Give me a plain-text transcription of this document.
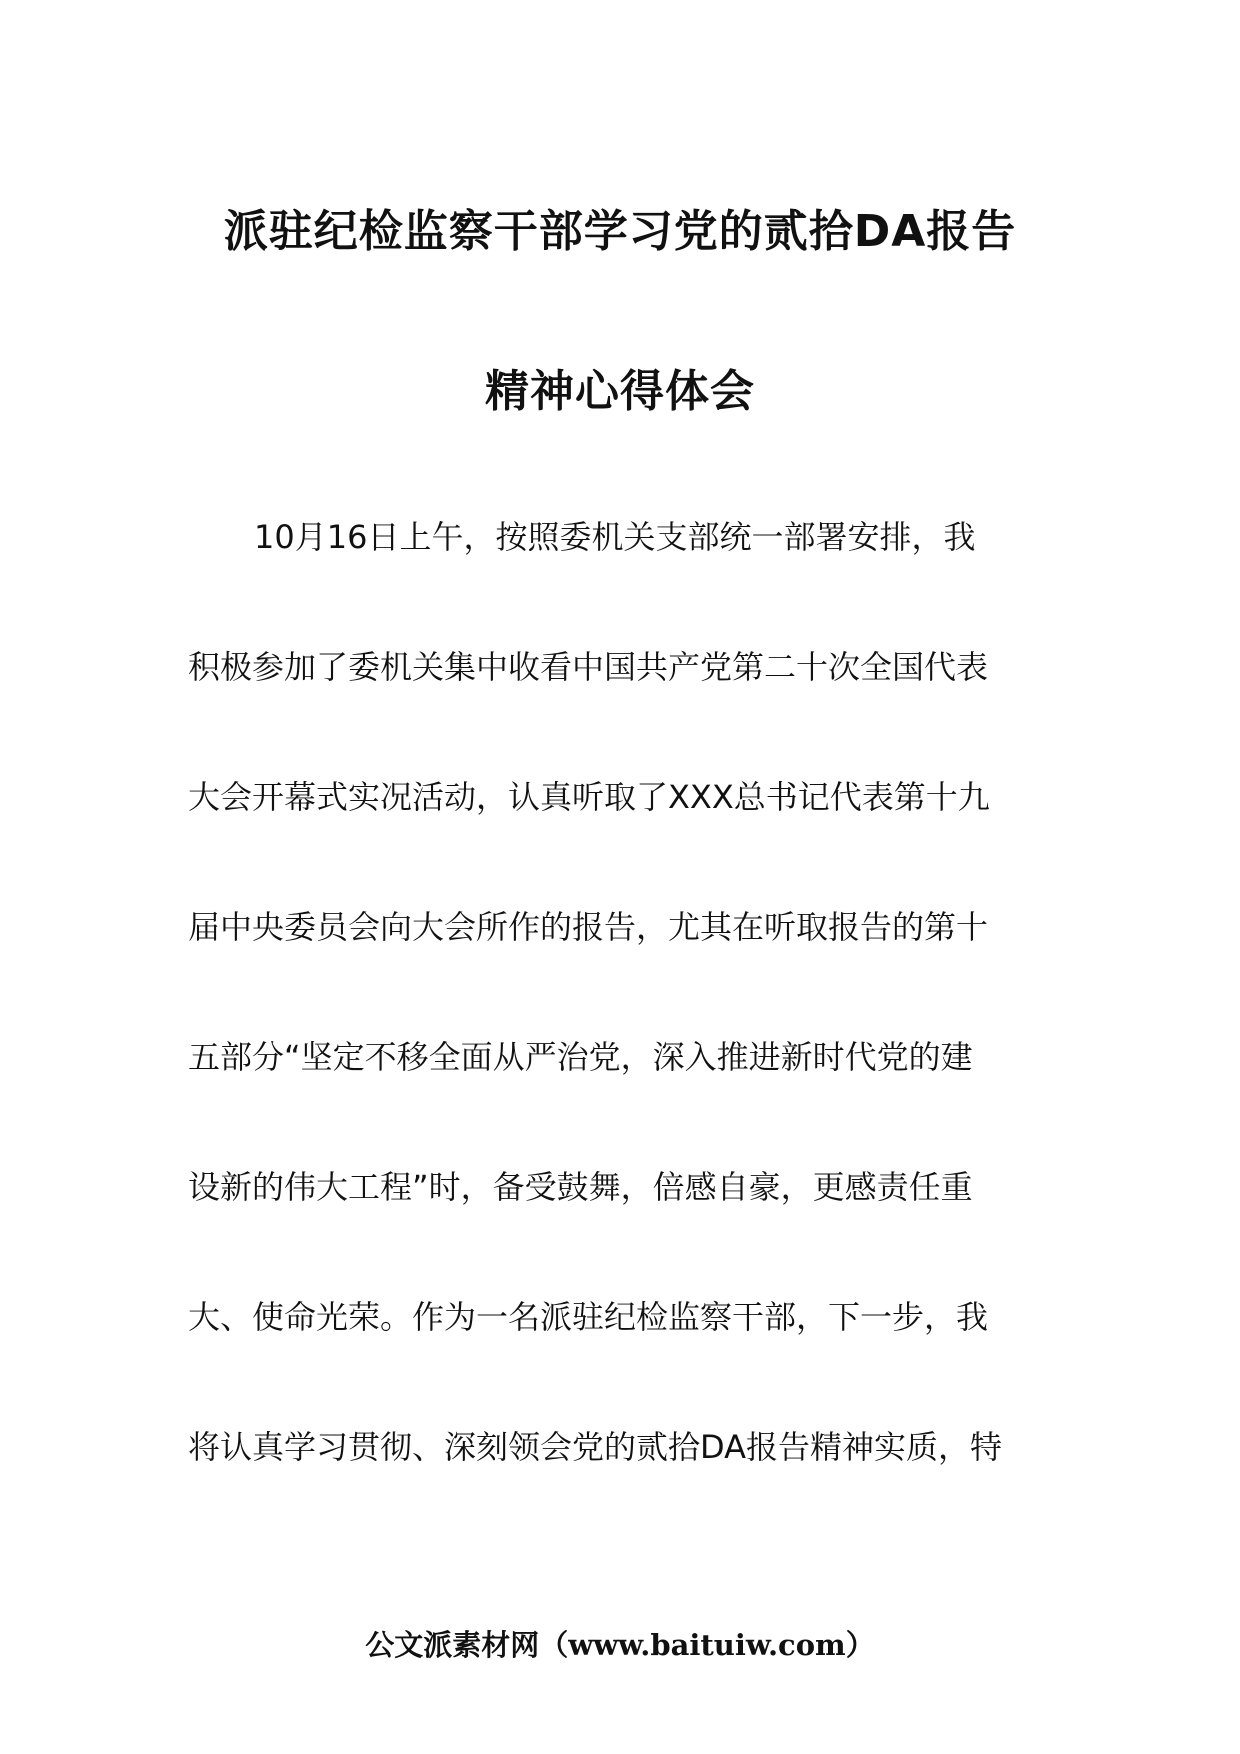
派驻纪检监察干部学习党的贰拾DA报告
精神心得体会
10月16日上午，按照委机关支部统一部署安排，我
积极参加了委机关集中收看中国共产党第二十次全国代表
大会开幕式实况活动，认真听取了XXX总书记代表第十九
届中央委员会向大会所作的报告，尤其在听取报告的第十
五部分“坚定不移全面从严治党，深入推进新时代党的建
设新的伟大工程”时，备受鼓舞，倍感自豪，更感责任重
大、使命光荣。作为一名派驻纪检监察干部，下一步，我
将认真学习贯彻、深刻领会党的贰拾DA报告精神实质，特
公文派素材网（www.baituiw.com）
